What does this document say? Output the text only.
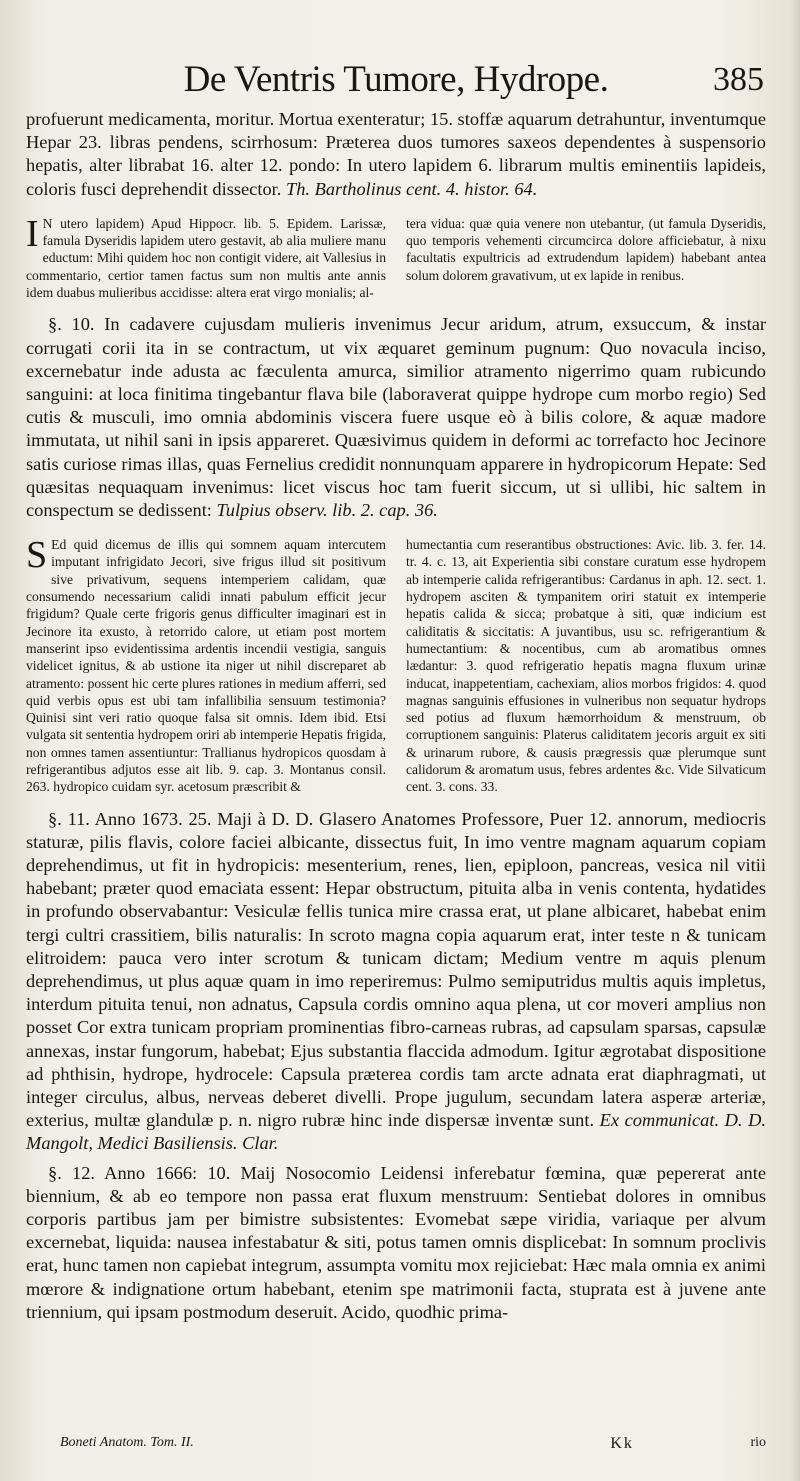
De Ventris Tumore, Hydrope.	385

profuerunt medicamenta, moritur. Mortua exenteratur; 15. stoffæ aquarum detrahuntur, inventumque Hepar 23. libras pendens, scirrhosum: Præterea duos tumores saxeos dependentes à suspensorio hepatis, alter librabat 16. alter 12. pondo: In utero lapidem 6. librarum multis eminentiis lapideis, coloris fusci deprehendit dissector. Th. Bartholinus cent. 4. histor. 64.

I N utero lapidem) Apud Hippocr. lib. 5. Epidem. Larissæ, famula Dyseridis lapidem utero gestavit, ab alia muliere manu eductum: Mihi quidem hoc non contigit videre, ait Vallesius in commentario, certior tamen factus sum non multis ante annis idem duabus mulieribus accidisse: altera erat virgo monialis; al-

tera vidua: quæ quia venere non utebantur, (ut famula Dyseridis, quo temporis vehementi circumcirca dolore afficiebatur, à nixu facultatis expultricis ad extrudendum lapidem) habebant antea solum dolorem gravativum, ut ex lapide in renibus.

§. 10. In cadavere cujusdam mulieris invenimus Jecur aridum, atrum, exsuccum, & instar corrugati corii ita in se contractum, ut vix æquaret geminum pugnum: Quo novacula inciso, excernebatur inde adusta ac fæculenta amurca, similior atramento nigerrimo quam rubicundo sanguini: at loca finitima tingebantur flava bile (laboraverat quippe hydrope cum morbo regio) Sed cutis & musculi, imo omnia abdominis viscera fuere usque eò à bilis colore, & aquæ madore immutata, ut nihil sani in ipsis appareret. Quæsivimus quidem in deformi ac torrefacto hoc Jecinore satis curiose rimas illas, quas Fernelius credidit nonnunquam apparere in hydropicorum Hepate: Sed quæsitas nequaquam invenimus: licet viscus hoc tam fuerit siccum, ut si ullibi, hic saltem in conspectum se dedissent: Tulpius observ. lib. 2. cap. 36.

S Ed quid dicemus de illis qui somnem aquam intercutem imputant infrigidato Jecori, sive frigus illud sit positivum sive privativum, sequens intemperiem calidam, quæ consumendo necessarium calidi innati pabulum efficit jecur frigidum? Quale certe frigoris genus difficulter imaginari est in Jecinore ita exusto, à retorrido calore, ut etiam post mortem manserint ipso evidentissima ardentis incendii vestigia, sanguis videlicet ignitus, & ab ustione ita niger ut nihil discreparet ab atramento: possent hic certe plures rationes in medium afferri, sed quid verbis opus est ubi tam infallibilia sensuum testimonia? Quinisi sint veri ratio quoque falsa sit omnis. Idem ibid. Etsi vulgata sit sententia hydropem oriri ab intemperie Hepatis frigida, non omnes tamen assentiuntur: Trallianus hydropicos quosdam à refrigerantibus adjutos esse ait lib. 9. cap. 3. Montanus consil. 263. hydropico cuidam syr. acetosum præscribit &

humectantia cum reserantibus obstructiones: Avic. lib. 3. fer. 14. tr. 4. c. 13, ait Experientia sibi constare curatum esse hydropem ab intemperie calida refrigerantibus: Cardanus in aph. 12. sect. 1. hydropem asciten & tympanitem oriri statuit ex intemperie hepatis calida & sicca; probatque à siti, quæ indicium est caliditatis & siccitatis: A juvantibus, usu sc. refrigerantium & humectantium: & nocentibus, cum ab aromatibus omnes lædantur: 3. quod refrigeratio hepatis magna fluxum urinæ inducat, inappetentiam, cachexiam, alios morbos frigidos: 4. quod magnas sanguinis effusiones in vulneribus non sequatur hydrops sed potius ad fluxum hæmorrhoidum & menstruum, ob corruptionem sanguinis: Platerus caliditatem jecoris arguit ex siti & urinarum rubore, & causis prægressis quæ plerumque sunt calidorum & aromatum usus, febres ardentes &c. Vide Silvaticum cent. 3. cons. 33.

§. 11. Anno 1673. 25. Maji à D. D. Glasero Anatomes Professore, Puer 12. annorum, mediocris staturæ, pilis flavis, colore faciei albicante, dissectus fuit, In imo ventre magnam aquarum copiam deprehendimus, ut fit in hydropicis: mesenterium, renes, lien, epiploon, pancreas, vesica nil vitii habebant; præter quod emaciata essent: Hepar obstructum, pituita alba in venis contenta, hydatides in profundo observabantur: Vesiculæ fellis tunica mire crassa erat, ut plane albicaret, habebat enim tergi cultri crassitiem, bilis naturalis: In scroto magna copia aquarum erat, inter teste n & tunicam elitroidem: pauca vero inter scrotum & tunicam dictam; Medium ventre m aquis plenum deprehendimus, ut plus aquæ quam in imo reperiremus: Pulmo semiputridus multis aquis impletus, interdum pituita tenui, non adnatus, Capsula cordis omnino aqua plena, ut cor moveri amplius non posset Cor extra tunicam propriam prominentias fibro-carneas rubras, ad capsulam sparsas, capsulæ annexas, instar fungorum, habebat; Ejus substantia flaccida admodum. Igitur ægrotabat dispositione ad phthisin, hydrope, hydrocele: Capsula præterea cordis tam arcte adnata erat diaphragmati, ut integer circulus, albus, nerveas deberet divelli. Prope jugulum, secundam latera asperæ arteriæ, exterius, multæ glandulæ p. n. nigro rubræ hinc inde dispersæ inventæ sunt. Ex communicat. D. D. Mangolt, Medici Basiliensis. Clar.

§. 12. Anno 1666: 10. Maij Nosocomio Leidensi inferebatur fœmina, quæ pepererat ante biennium, & ab eo tempore non passa erat fluxum menstruum: Sentiebat dolores in omnibus corporis partibus jam per bimistre subsistentes: Evomebat sæpe viridia, variaque per alvum excernebat, liquida: nausea infestabatur & siti, potus tamen omnis displicebat: In somnum proclivis erat, hunc tamen non capiebat integrum, assumpta vomitu mox rejiciebat: Hæc mala omnia ex animi mœrore & indignatione ortum habebant, etenim spe matrimonii facta, stuprata est à juvene ante triennium, qui ipsam postmodum deseruit. Acido, quodhic prima-

Boneti Anatom. Tom. II.	Kk	rio
